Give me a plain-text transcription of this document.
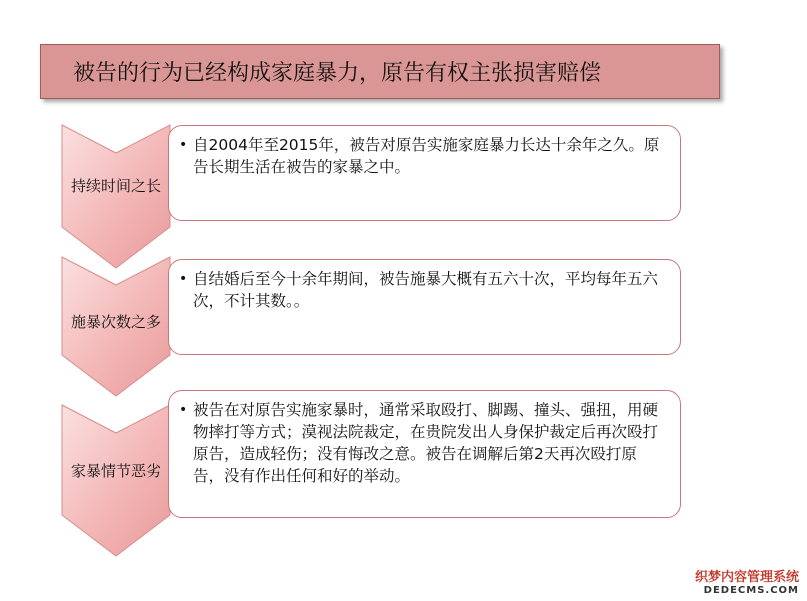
被告的行为已经构成家庭暴力，原告有权主张损害赔偿
持续时间之长
施暴次数之多
家暴情节恶劣
• 自2004年至2015年，被告对原告实施家庭暴力长达十余年之久。原告长期生活在被告的家暴之中。
• 自结婚后至今十余年期间，被告施暴大概有五六十次，平均每年五六次，不计其数。。
• 被告在对原告实施家暴时，通常采取殴打、脚踢、撞头、强扭，用硬物摔打等方式；漠视法院裁定，在贵院发出人身保护裁定后再次殴打原告，造成轻伤；没有悔改之意。被告在调解后第2天再次殴打原告，没有作出任何和好的举动。
织梦内容管理系统
DEDECMS.COM
